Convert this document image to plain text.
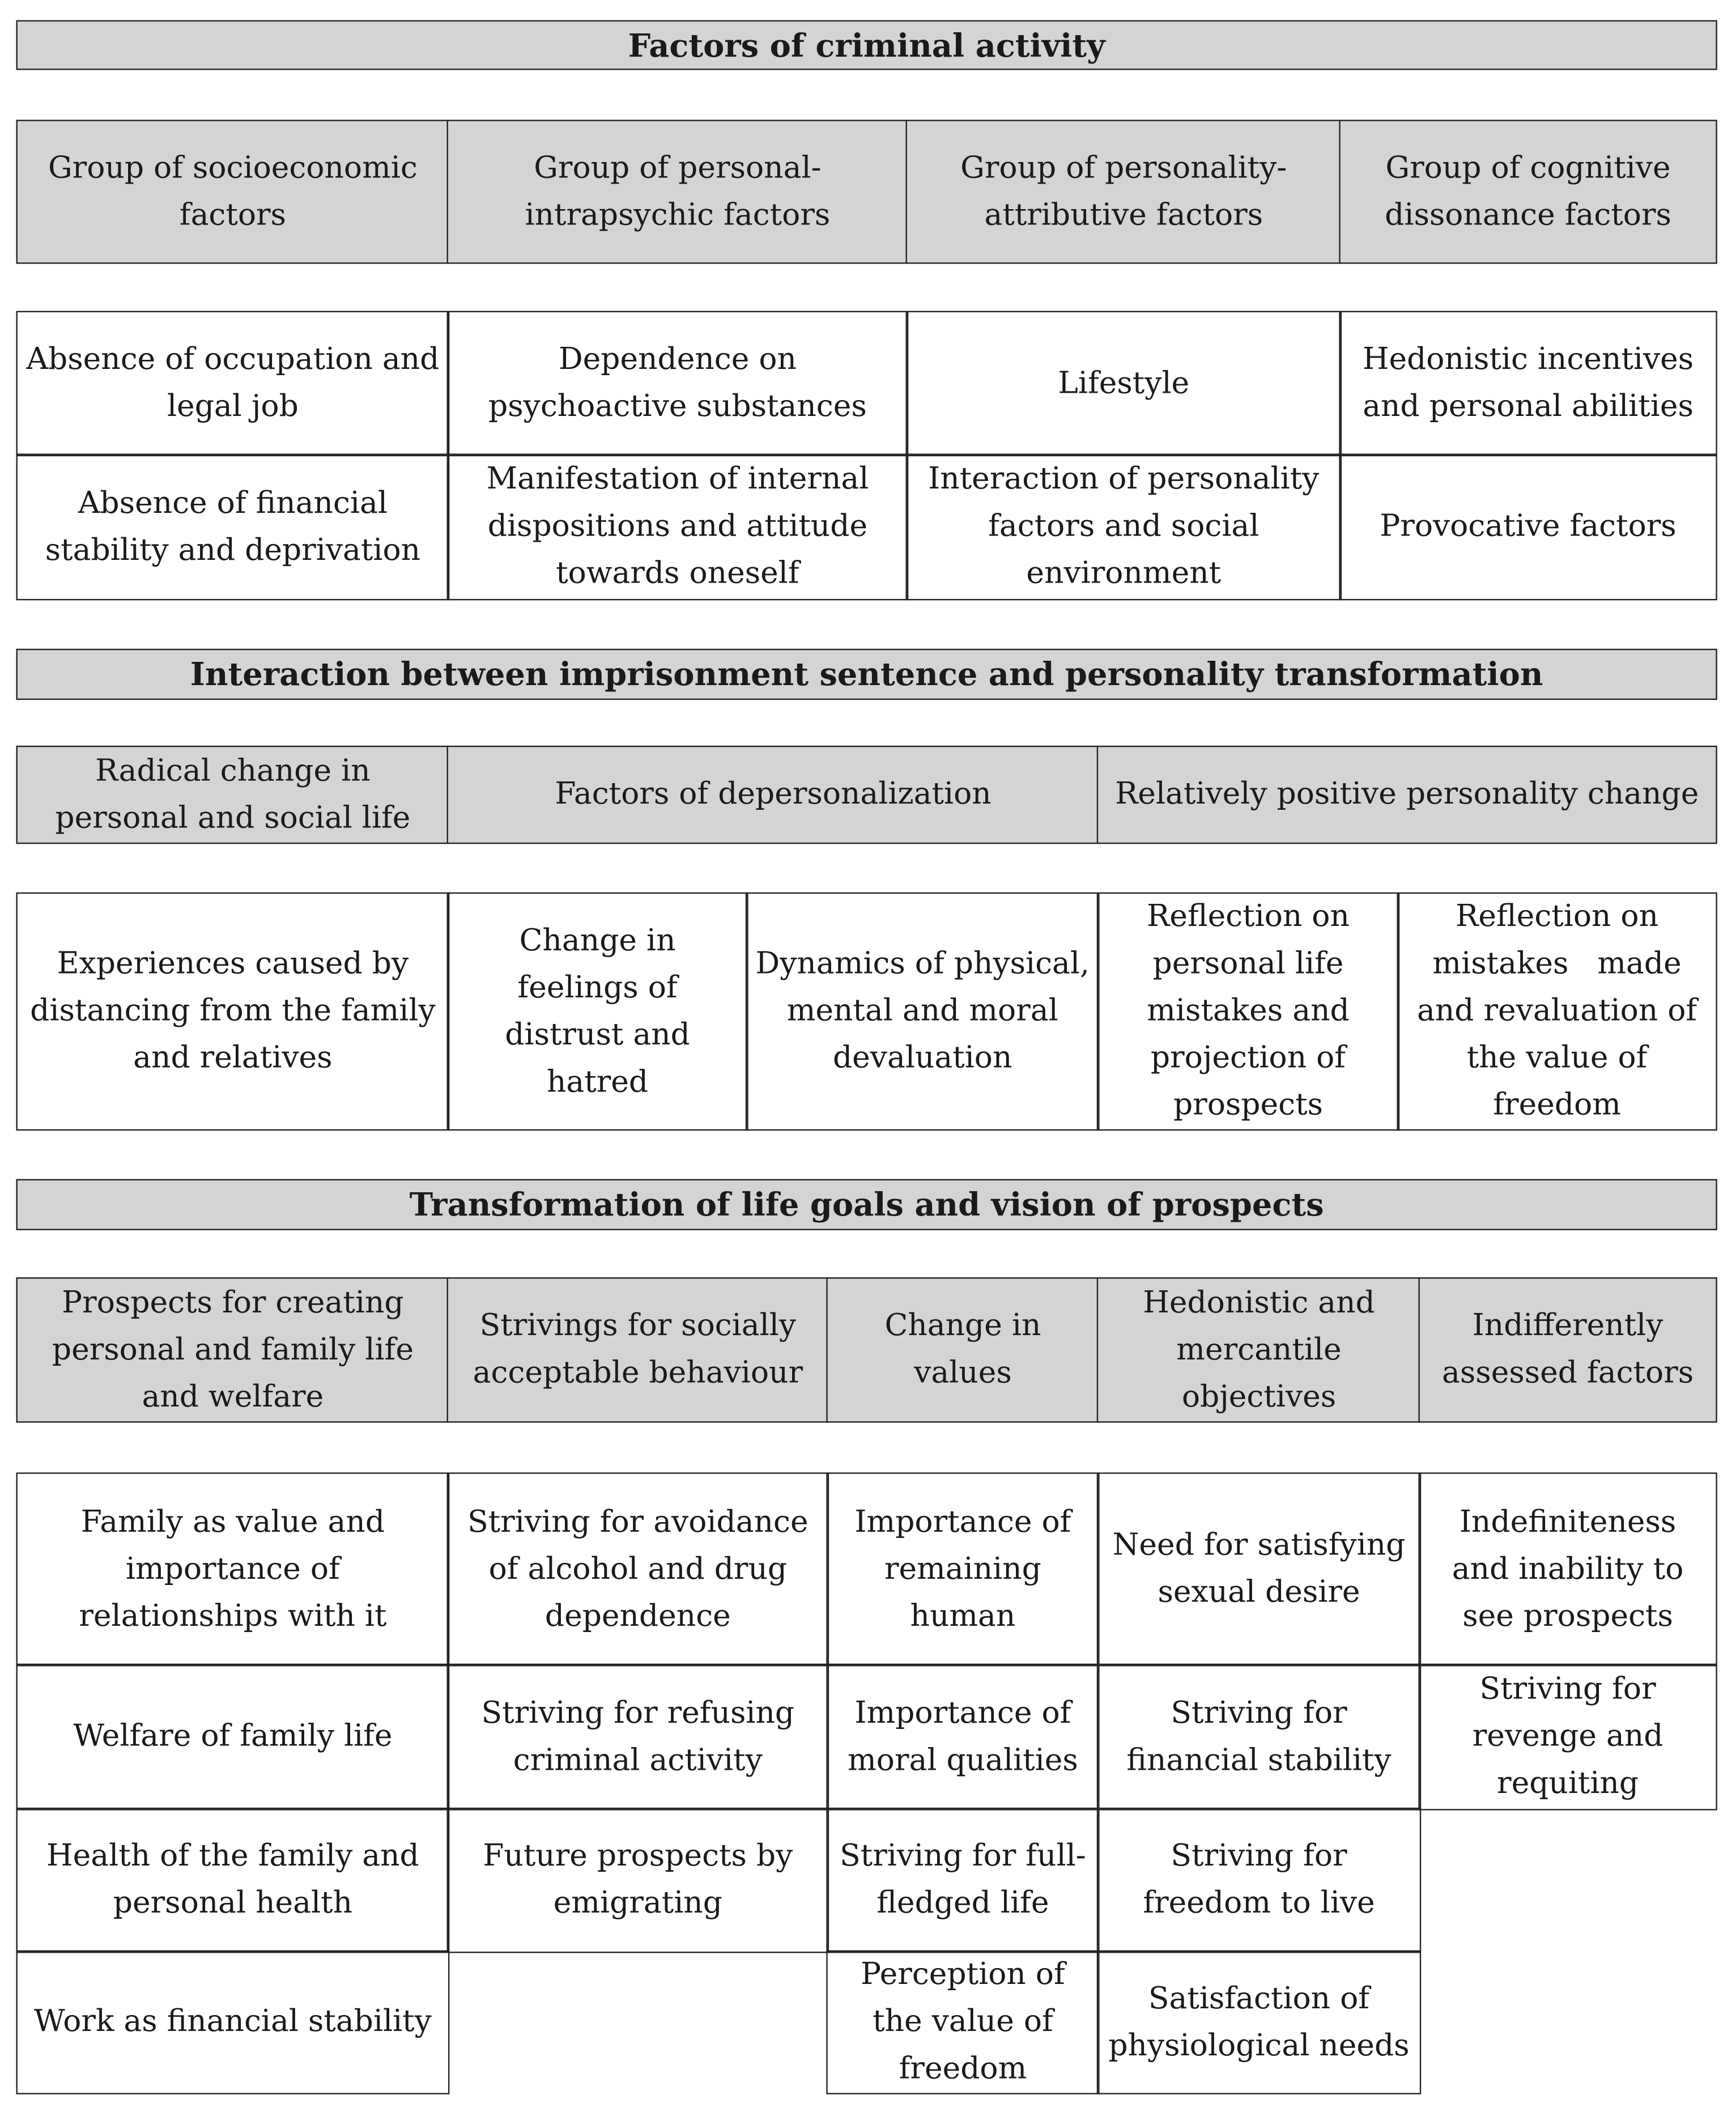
Factors of criminal activity
Group of socioeconomic factors
Group of personal-intrapsychic factors
Group of personality-attributive factors
Group of cognitive dissonance factors
Absence of occupation and legal job
Dependence on psychoactive substances
Lifestyle
Hedonistic incentives and personal abilities
Absence of financial stability and deprivation
Manifestation of internal dispositions and attitude towards oneself
Interaction of personality factors and social environment
Provocative factors
Interaction between imprisonment sentence and personality transformation
Radical change in personal and social life
Factors of depersonalization	Relatively positive personality change
Experiences caused by distancing from the family and relatives
Change in feelings of distrust and hatred
Dynamics of physical, mental and moral devaluation
Reflection on personal life mistakes and projection of prospects
Reflection on mistakes   made and revaluation of the value of freedom
Transformation of life goals and vision of prospects
Prospects for creating personal and family life and welfare
Strivings for socially acceptable behaviour
Change in values
Hedonistic and mercantile objectives
Indifferently assessed factors
Family as value and importance of relationships with it
Welfare of family life
Health of the family and personal health
Work as financial stability
Striving for avoidance of alcohol and drug dependence
Striving for refusing criminal activity
Future prospects by emigrating
Importance of remaining human
Importance of moral qualities
Striving for full-fledged life
Perception of the value of freedom
Need for satisfying sexual desire
Striving for financial stability
Striving for freedom to live
Satisfaction of physiological needs
Indefiniteness and inability to see prospects
Striving for revenge and requiting
